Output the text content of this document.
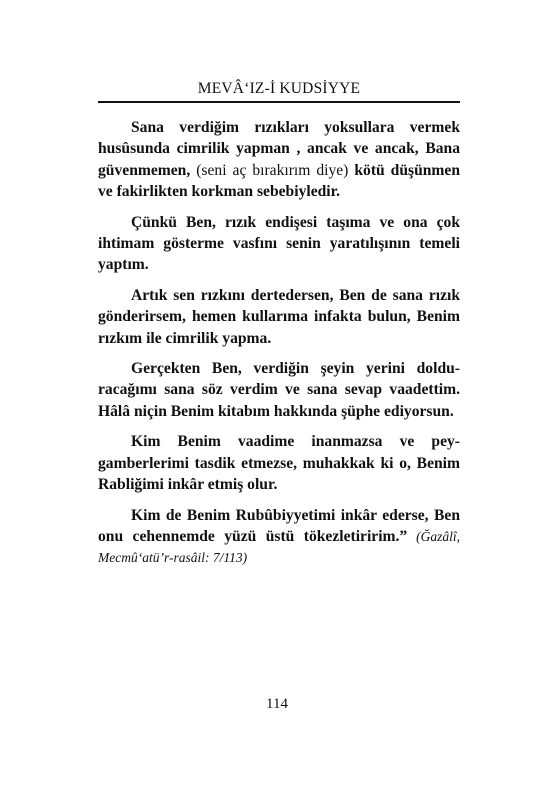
MEVÂ‘IZ-İ KUDSİYYE

Sana verdiğim rızıkları yoksullara vermek husûsunda cimrilik yapman , ancak ve ancak, Bana güvenmemen, (seni aç bırakırım diye) kötü düşünmen ve fakirlikten korkman sebebiyledir.

Çünkü Ben, rızık endişesi taşıma ve ona çok ihtimam gösterme vasfını senin yaratılışının temeli yaptım.

Artık sen rızkını dertedersen, Ben de sana rızık gönderirsem, hemen kullarıma infakta bulun, Benim rızkım ile cimrilik yapma.

Gerçekten Ben, verdiğin şeyin yerini dolduracağımı sana söz verdim ve sana sevap vaadettim. Hâlâ niçin Benim kitabım hakkında şüphe ediyorsun.

Kim Benim vaadime inanmazsa ve peygamberlerimi tasdik etmezse, muhakkak ki o, Benim Rabliğimi inkâr etmiş olur.

Kim de Benim Rubûbiyyetimi inkâr ederse, Ben onu cehennemde yüzü üstü tökezletiririm.” (Ğazâlî, Mecmû‘atü’r-rasâil: 7/113)

114
